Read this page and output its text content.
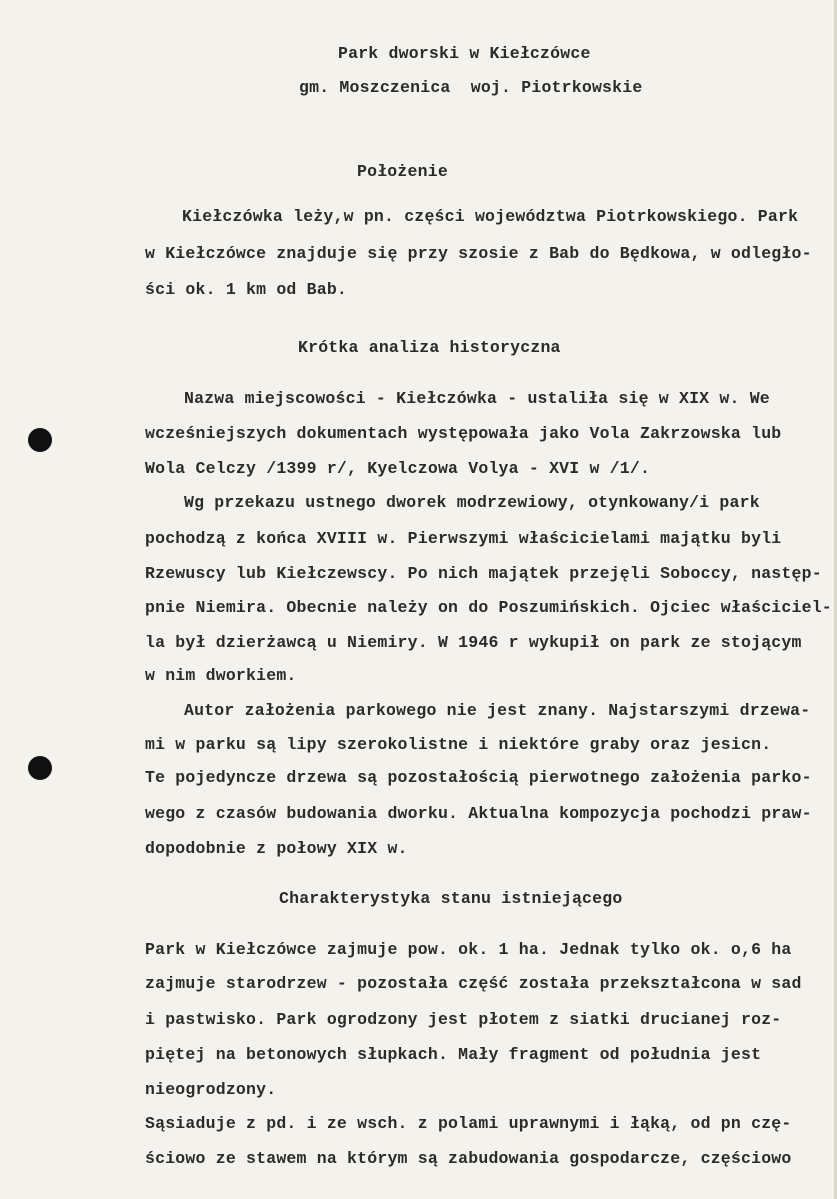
Park dworski w Kiełczówce
gm. Moszczenica  woj. Piotrkowskie
Położenie
Kiełczówka leży,w pn. części województwa Piotrkowskiego. Park
w Kiełczówce znajduje się przy szosie z Bab do Będkowa, w odległo-
ści ok. 1 km od Bab.
Krótka analiza historyczna
Nazwa miejscowości - Kiełczówka - ustaliła się w XIX w. We
wcześniejszych dokumentach występowała jako Vola Zakrzowska lub
Wola Celczy /1399 r/, Kyelczowa Volya - XVI w /1/.
Wg przekazu ustnego dworek modrzewiowy, otynkowany/i park
pochodzą z końca XVIII w. Pierwszymi właścicielami majątku byli
Rzewuscy lub Kiełczewscy. Po nich majątek przejęli Soboccy, następ-
pnie Niemira. Obecnie należy on do Poszumińskich. Ojciec właściciel-
la był dzierżawcą u Niemiry. W 1946 r wykupił on park ze stojącym
w nim dworkiem.
Autor założenia parkowego nie jest znany. Najstarszymi drzewa-
mi w parku są lipy szerokolistne i niektóre graby oraz jesicn.
Te pojedyncze drzewa są pozostałością pierwotnego założenia parko-
wego z czasów budowania dworku. Aktualna kompozycja pochodzi praw-
dopodobnie z połowy XIX w.
Charakterystyka stanu istniejącego
Park w Kiełczówce zajmuje pow. ok. 1 ha. Jednak tylko ok. o,6 ha
zajmuje starodrzew - pozostała część została przekształcona w sad
i pastwisko. Park ogrodzony jest płotem z siatki drucianej roz-
piętej na betonowych słupkach. Mały fragment od południa jest
nieogrodzony.
Sąsiaduje z pd. i ze wsch. z polami uprawnymi i łąką, od pn czę-
ściowo ze stawem na którym są zabudowania gospodarcze, częściowo
